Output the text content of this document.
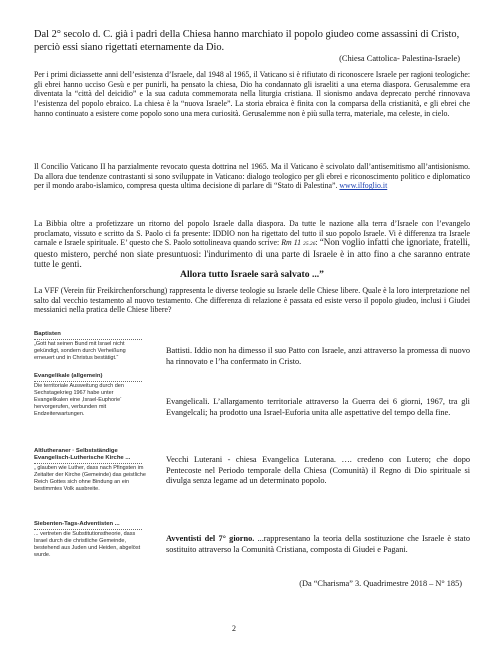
Dal 2° secolo d. C. già i padri della Chiesa hanno marchiato il popolo giudeo come assassini di Cristo, perciò essi siano rigettati eternamente da Dio.

(Chiesa Cattolica- Palestina-Israele)

Per i primi diciassette anni dell’esistenza d’Israele, dal 1948 al 1965, il Vaticano si è rifiutato di riconoscere Israele per ragioni teologiche: gli ebrei hanno ucciso Gesù e per punirli, ha pensato la chiesa, Dio ha condannato gli israeliti a una eterna diaspora. Gerusalemme era diventata la “città del deicidio” e la sua caduta commemorata nella liturgia cristiana. Il sionismo andava deprecato perché rinnovava l’esistenza del popolo ebraico. La chiesa è la “nuova Israele”. La storia ebraica è finita con la comparsa della cristianità, e gli ebrei che hanno continuato a esistere come popolo sono una mera curiosità. Gerusalemme non è più sulla terra, materiale, ma celeste, in cielo.

Il Concilio Vaticano II ha parzialmente revocato questa dottrina nel 1965. Ma il Vaticano è scivolato dall’antisemitismo all’antisionismo. Da allora due tendenze contrastanti si sono sviluppate in Vaticano: dialogo teologico per gli ebrei e riconoscimento politico e diplomatico per il mondo arabo-islamico, compresa questa ultima decisione di parlare di “Stato di Palestina”. www.ilfoglio.it

La Bibbia oltre a profetizzare un ritorno del popolo Israele dalla diaspora. Da tutte le nazione alla terra d’Israele con l’evangelo proclamato, vissuto e scritto da S. Paolo ci fa presente: IDDIO non ha rigettato del tutto il suo popolo Israele. Vi è differenza tra Israele carnale e Israele spirituale. E’ questo che S. Paolo sottolineava quando scrive: Rm 11 25.26: “Non voglio infatti che ignoriate, fratelli, questo mistero, perché non siate presuntuosi: l'indurimento di una parte di Israele è in atto fino a che saranno entrate tutte le genti.
Allora tutto Israele sarà salvato ...”

La VFF (Verein für Freikirchenforschung) rappresenta le diverse teologie su Israele delle Chiese libere. Quale è la loro interpretazione nel salto dal vecchio testamento al nuovo testamento. Che differenza di relazione è passata ed esiste verso il popolo giudeo, inclusi i Giudei messianici nella pratica delle Chiese libere?

Baptisten
„Gott hat seinen Bund mit Israel nicht gekündigt, sondern durch Verheißung erneuert und in Christus bestätigt.“
Evangelikale (allgemein)
Die territoriale Ausweitung durch den Sechstagekrieg 1967 habe unter Evangelikalen eine ‚Israel-Euphorie‘ hervorgerufen, verbunden mit Endzeiterwartungen.
Altlutheraner · Selbstständige Evangelisch-Lutherische Kirche ...
„ glauben wie Luther, dass nach Pfingsten im Zeitalter der Kirche (Gemeinde) das geistliche Reich Gottes sich ohne Bindung an ein bestimmtes Volk ausbreite.
Siebenten-Tags-Adventisten ...
... vertreten die Substitutionstheorie, dass Israel durch die christliche Gemeinde, bestehend aus Juden und Heiden, abgelöst wurde.

Battisti. Iddio non ha dimesso il suo Patto con Israele, anzi attraverso la promessa di nuovo ha rinnovato e l’ha confermato in Cristo.

Evangelicali. L’allargamento territoriale attraverso la Guerra dei 6 giorni, 1967, tra gli Evangelcali; ha prodotto una Israel-Euforia unita alle aspettative del tempo della fine.

Vecchi Luterani - chiesa Evangelica Luterana. …. credeno con Lutero; che dopo Pentecoste nel Periodo temporale della Chiesa (Comunità) il Regno di Dio spirituale si divulga senza legame ad un determinato popolo.

Avventisti del 7° giorno. ...rappresentano la teoria della sostituzione che Israele è stato sostituito attraverso la Comunità Cristiana, composta di Giudei e Pagani.

(Da “Charisma” 3. Quadrimestre 2018 – N° 185)

2
